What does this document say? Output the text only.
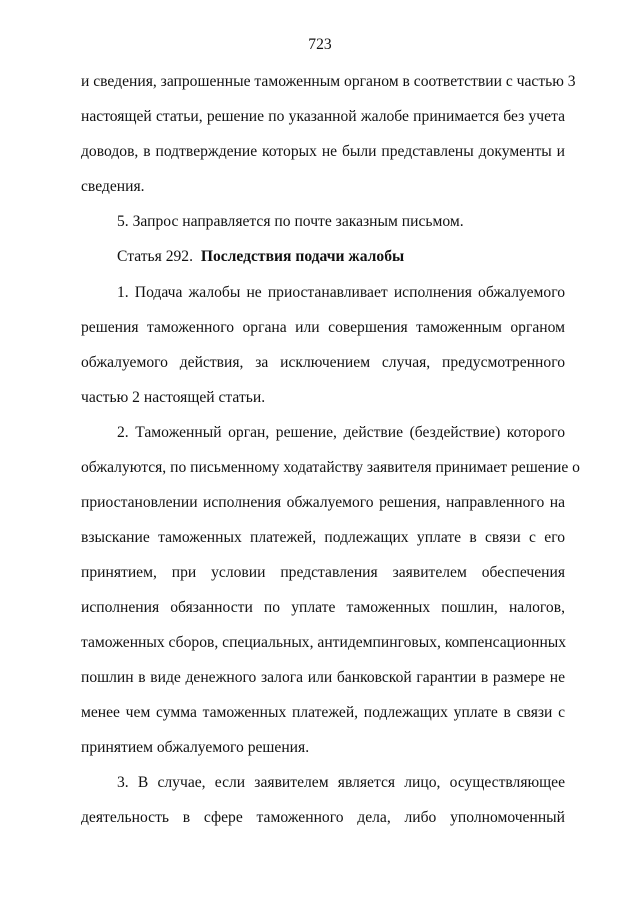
723
и сведения, запрошенные таможенным органом в соответствии с частью 3
настоящей статьи, решение по указанной жалобе принимается без учета
доводов, в подтверждение которых не были представлены документы и
сведения.
5. Запрос направляется по почте заказным письмом.
Статья 292. Последствия подачи жалобы
1. Подача жалобы не приостанавливает исполнения обжалуемого
решения таможенного органа или совершения таможенным органом
обжалуемого действия, за исключением случая, предусмотренного
частью 2 настоящей статьи.
2. Таможенный орган, решение, действие (бездействие) которого
обжалуются, по письменному ходатайству заявителя принимает решение о
приостановлении исполнения обжалуемого решения, направленного на
взыскание таможенных платежей, подлежащих уплате в связи с его
принятием, при условии представления заявителем обеспечения
исполнения обязанности по уплате таможенных пошлин, налогов,
таможенных сборов, специальных, антидемпинговых, компенсационных
пошлин в виде денежного залога или банковской гарантии в размере не
менее чем сумма таможенных платежей, подлежащих уплате в связи с
принятием обжалуемого решения.
3. В случае, если заявителем является лицо, осуществляющее
деятельность в сфере таможенного дела, либо уполномоченный
